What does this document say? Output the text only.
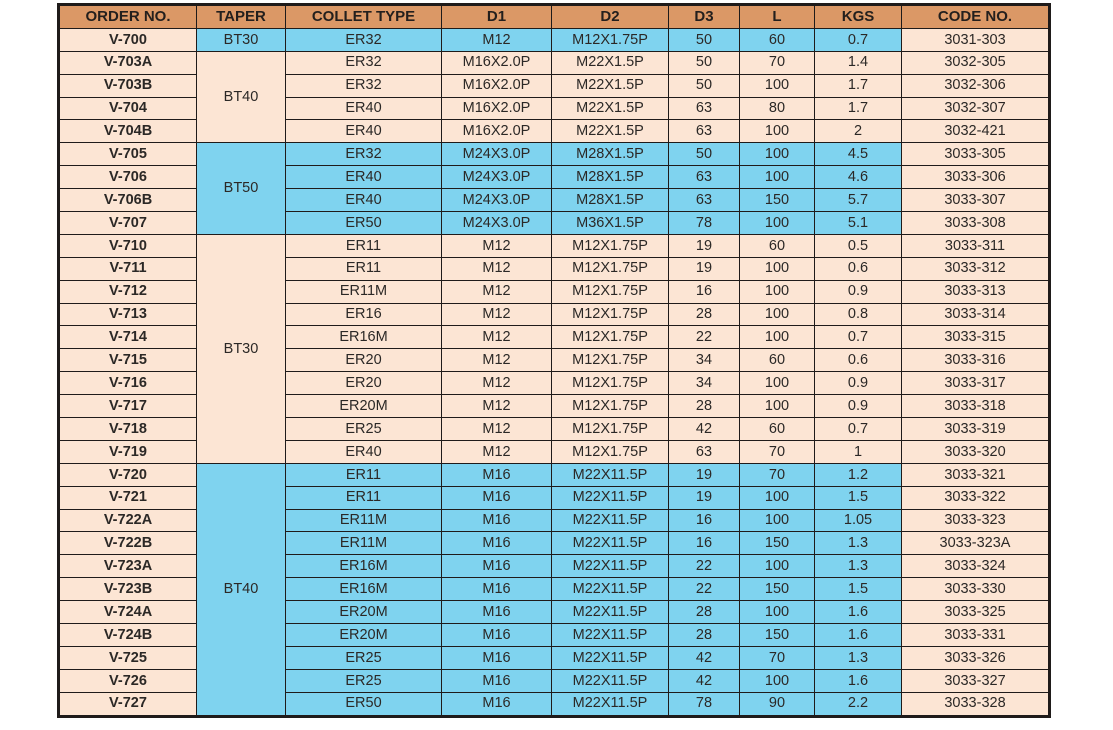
ORDER NO.	TAPER	COLLET TYPE	D1	D2	D3	L	KGS	CODE NO.
V-700	BT30	ER32	M12	M12X1.75P	50	60	0.7	3031-303
V-703A	BT40	ER32	M16X2.0P	M22X1.5P	50	70	1.4	3032-305
V-703B		ER32	M16X2.0P	M22X1.5P	50	100	1.7	3032-306
V-704		ER40	M16X2.0P	M22X1.5P	63	80	1.7	3032-307
V-704B		ER40	M16X2.0P	M22X1.5P	63	100	2	3032-421
V-705	BT50	ER32	M24X3.0P	M28X1.5P	50	100	4.5	3033-305
V-706		ER40	M24X3.0P	M28X1.5P	63	100	4.6	3033-306
V-706B		ER40	M24X3.0P	M28X1.5P	63	150	5.7	3033-307
V-707		ER50	M24X3.0P	M36X1.5P	78	100	5.1	3033-308
V-710	BT30	ER11	M12	M12X1.75P	19	60	0.5	3033-311
V-711		ER11	M12	M12X1.75P	19	100	0.6	3033-312
V-712		ER11M	M12	M12X1.75P	16	100	0.9	3033-313
V-713		ER16	M12	M12X1.75P	28	100	0.8	3033-314
V-714		ER16M	M12	M12X1.75P	22	100	0.7	3033-315
V-715		ER20	M12	M12X1.75P	34	60	0.6	3033-316
V-716		ER20	M12	M12X1.75P	34	100	0.9	3033-317
V-717		ER20M	M12	M12X1.75P	28	100	0.9	3033-318
V-718		ER25	M12	M12X1.75P	42	60	0.7	3033-319
V-719		ER40	M12	M12X1.75P	63	70	1	3033-320
V-720	BT40	ER11	M16	M22X11.5P	19	70	1.2	3033-321
V-721		ER11	M16	M22X11.5P	19	100	1.5	3033-322
V-722A		ER11M	M16	M22X11.5P	16	100	1.05	3033-323
V-722B		ER11M	M16	M22X11.5P	16	150	1.3	3033-323A
V-723A		ER16M	M16	M22X11.5P	22	100	1.3	3033-324
V-723B		ER16M	M16	M22X11.5P	22	150	1.5	3033-330
V-724A		ER20M	M16	M22X11.5P	28	100	1.6	3033-325
V-724B		ER20M	M16	M22X11.5P	28	150	1.6	3033-331
V-725		ER25	M16	M22X11.5P	42	70	1.3	3033-326
V-726		ER25	M16	M22X11.5P	42	100	1.6	3033-327
V-727		ER50	M16	M22X11.5P	78	90	2.2	3033-328
